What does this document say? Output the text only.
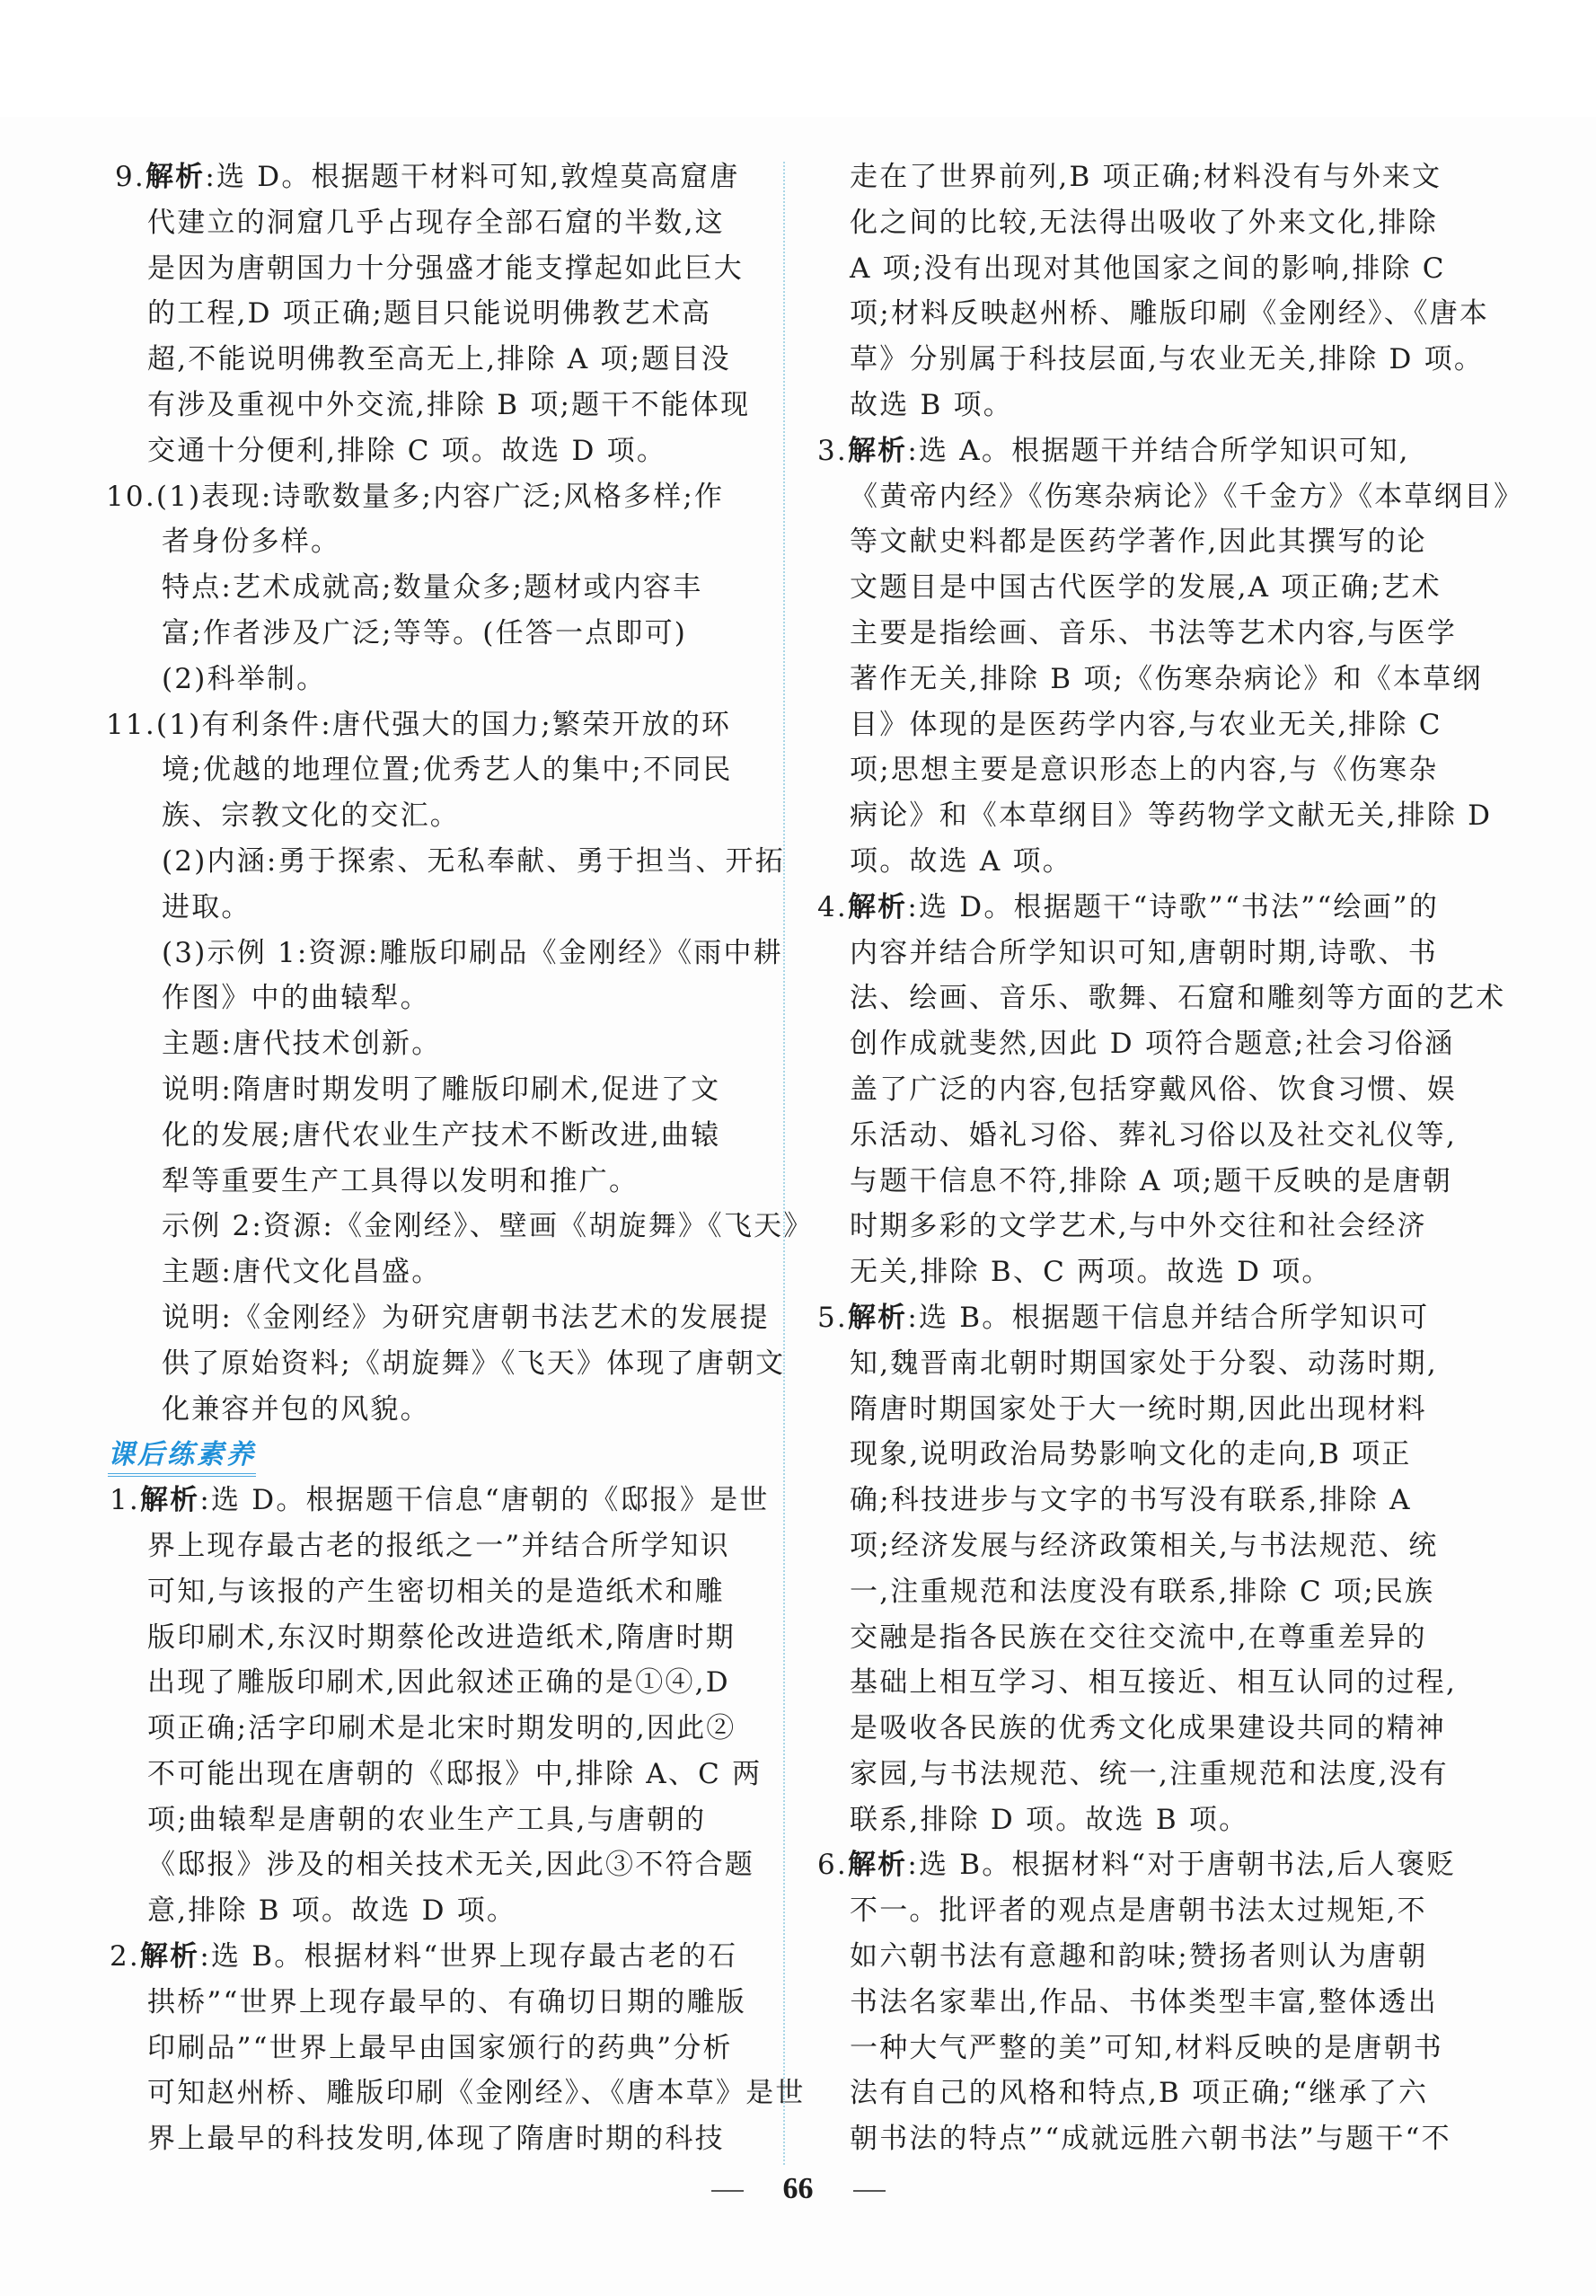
9.解析:选 D。根据题干材料可知,敦煌莫高窟唐
代建立的洞窟几乎占现存全部石窟的半数,这
是因为唐朝国力十分强盛才能支撑起如此巨大
的工程,D 项正确;题目只能说明佛教艺术高
超,不能说明佛教至高无上,排除 A 项;题目没
有涉及重视中外交流,排除 B 项;题干不能体现
交通十分便利,排除 C 项。故选 D 项。
10.(1)表现:诗歌数量多;内容广泛;风格多样;作
者身份多样。
特点:艺术成就高;数量众多;题材或内容丰
富;作者涉及广泛;等等。(任答一点即可)
(2)科举制。
11.(1)有利条件:唐代强大的国力;繁荣开放的环
境;优越的地理位置;优秀艺人的集中;不同民
族、宗教文化的交汇。
(2)内涵:勇于探索、无私奉献、勇于担当、开拓
进取。
(3)示例 1:资源:雕版印刷品《金刚经》《雨中耕
作图》中的曲辕犁。
主题:唐代技术创新。
说明:隋唐时期发明了雕版印刷术,促进了文
化的发展;唐代农业生产技术不断改进,曲辕
犁等重要生产工具得以发明和推广。
示例 2:资源:《金刚经》、壁画《胡旋舞》《飞天》
主题:唐代文化昌盛。
说明:《金刚经》为研究唐朝书法艺术的发展提
供了原始资料;《胡旋舞》《飞天》体现了唐朝文
化兼容并包的风貌。
课后练素养
1.解析:选 D。根据题干信息“唐朝的《邸报》是世
界上现存最古老的报纸之一”并结合所学知识
可知,与该报的产生密切相关的是造纸术和雕
版印刷术,东汉时期蔡伦改进造纸术,隋唐时期
出现了雕版印刷术,因此叙述正确的是①④,D
项正确;活字印刷术是北宋时期发明的,因此②
不可能出现在唐朝的《邸报》中,排除 A、C 两
项;曲辕犁是唐朝的农业生产工具,与唐朝的
《邸报》涉及的相关技术无关,因此③不符合题
意,排除 B 项。故选 D 项。
2.解析:选 B。根据材料“世界上现存最古老的石
拱桥”“世界上现存最早的、有确切日期的雕版
印刷品”“世界上最早由国家颁行的药典”分析
可知赵州桥、雕版印刷《金刚经》、《唐本草》是世
界上最早的科技发明,体现了隋唐时期的科技
走在了世界前列,B 项正确;材料没有与外来文
化之间的比较,无法得出吸收了外来文化,排除
A 项;没有出现对其他国家之间的影响,排除 C
项;材料反映赵州桥、雕版印刷《金刚经》、《唐本
草》分别属于科技层面,与农业无关,排除 D 项。
故选 B 项。
3.解析:选 A。根据题干并结合所学知识可知,
《黄帝内经》《伤寒杂病论》《千金方》《本草纲目》
等文献史料都是医药学著作,因此其撰写的论
文题目是中国古代医学的发展,A 项正确;艺术
主要是指绘画、音乐、书法等艺术内容,与医学
著作无关,排除 B 项;《伤寒杂病论》和《本草纲
目》体现的是医药学内容,与农业无关,排除 C
项;思想主要是意识形态上的内容,与《伤寒杂
病论》和《本草纲目》等药物学文献无关,排除 D
项。故选 A 项。
4.解析:选 D。根据题干“诗歌”“书法”“绘画”的
内容并结合所学知识可知,唐朝时期,诗歌、书
法、绘画、音乐、歌舞、石窟和雕刻等方面的艺术
创作成就斐然,因此 D 项符合题意;社会习俗涵
盖了广泛的内容,包括穿戴风俗、饮食习惯、娱
乐活动、婚礼习俗、葬礼习俗以及社交礼仪等,
与题干信息不符,排除 A 项;题干反映的是唐朝
时期多彩的文学艺术,与中外交往和社会经济
无关,排除 B、C 两项。故选 D 项。
5.解析:选 B。根据题干信息并结合所学知识可
知,魏晋南北朝时期国家处于分裂、动荡时期,
隋唐时期国家处于大一统时期,因此出现材料
现象,说明政治局势影响文化的走向,B 项正
确;科技进步与文字的书写没有联系,排除 A
项;经济发展与经济政策相关,与书法规范、统
一,注重规范和法度没有联系,排除 C 项;民族
交融是指各民族在交往交流中,在尊重差异的
基础上相互学习、相互接近、相互认同的过程,
是吸收各民族的优秀文化成果建设共同的精神
家园,与书法规范、统一,注重规范和法度,没有
联系,排除 D 项。故选 B 项。
6.解析:选 B。根据材料“对于唐朝书法,后人褒贬
不一。批评者的观点是唐朝书法太过规矩,不
如六朝书法有意趣和韵味;赞扬者则认为唐朝
书法名家辈出,作品、书体类型丰富,整体透出
一种大气严整的美”可知,材料反映的是唐朝书
法有自己的风格和特点,B 项正确;“继承了六
朝书法的特点”“成就远胜六朝书法”与题干“不
66
